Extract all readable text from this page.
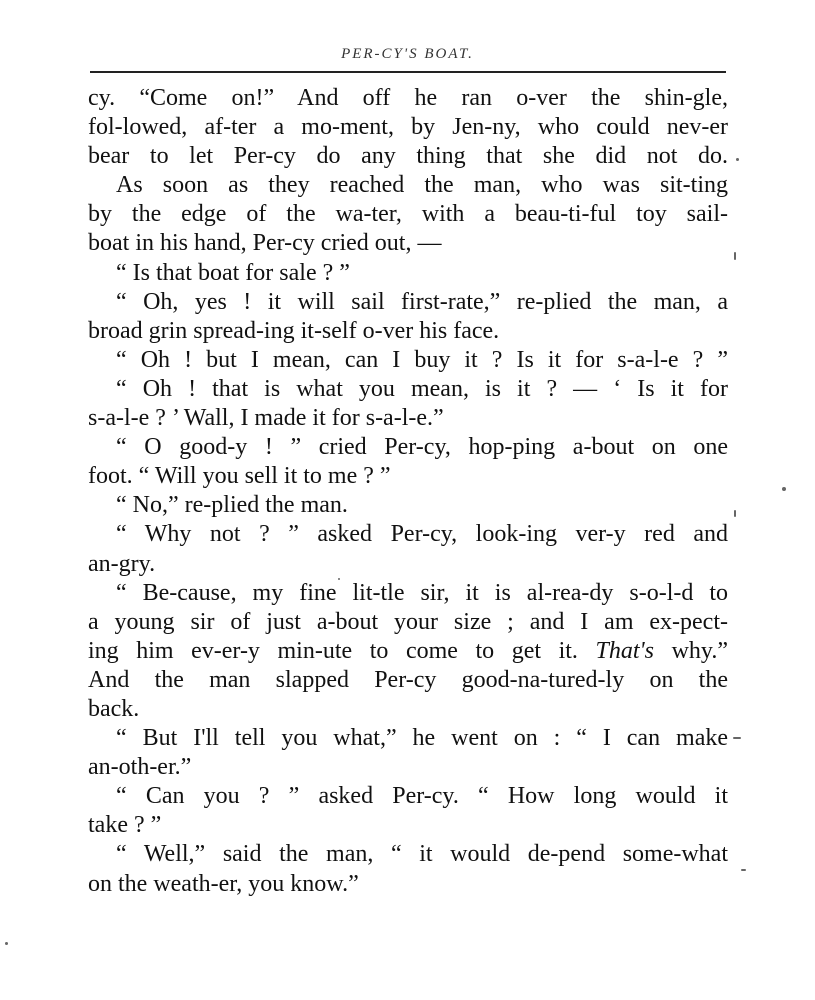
PER-CY'S BOAT.
cy. “Come on!” And off he ran o-ver the shin-gle,
fol-lowed, af-ter a mo-ment, by Jen-ny, who could nev-er
bear to let Per-cy do any thing that she did not do.
As soon as they reached the man, who was sit-ting
by the edge of the wa-ter, with a beau-ti-ful toy sail-
boat in his hand, Per-cy cried out, —
“ Is that boat for sale ? ”
“ Oh, yes ! it will sail first-rate,” re-plied the man, a
broad grin spread-ing it-self o-ver his face.
“ Oh ! but I mean, can I buy it ? Is it for s-a-l-e ? ”
“ Oh ! that is what you mean, is it ? — ‘ Is it for
s-a-l-e ? ’ Wall, I made it for s-a-l-e.”
“ O good-y ! ” cried Per-cy, hop-ping a-bout on one
foot. “ Will you sell it to me ? ”
“ No,” re-plied the man.
“ Why not ? ” asked Per-cy, look-ing ver-y red and
an-gry.
“ Be-cause, my fine lit-tle sir, it is al-rea-dy s-o-l-d to
a young sir of just a-bout your size ; and I am ex-pect-
ing him ev-er-y min-ute to come to get it. That's why.”
And the man slapped Per-cy good-na-tured-ly on the
back.
“ But I'll tell you what,” he went on : “ I can make
an-oth-er.”
“ Can you ? ” asked Per-cy. “ How long would it
take ? ”
“ Well,” said the man, “ it would de-pend some-what
on the weath-er, you know.”
